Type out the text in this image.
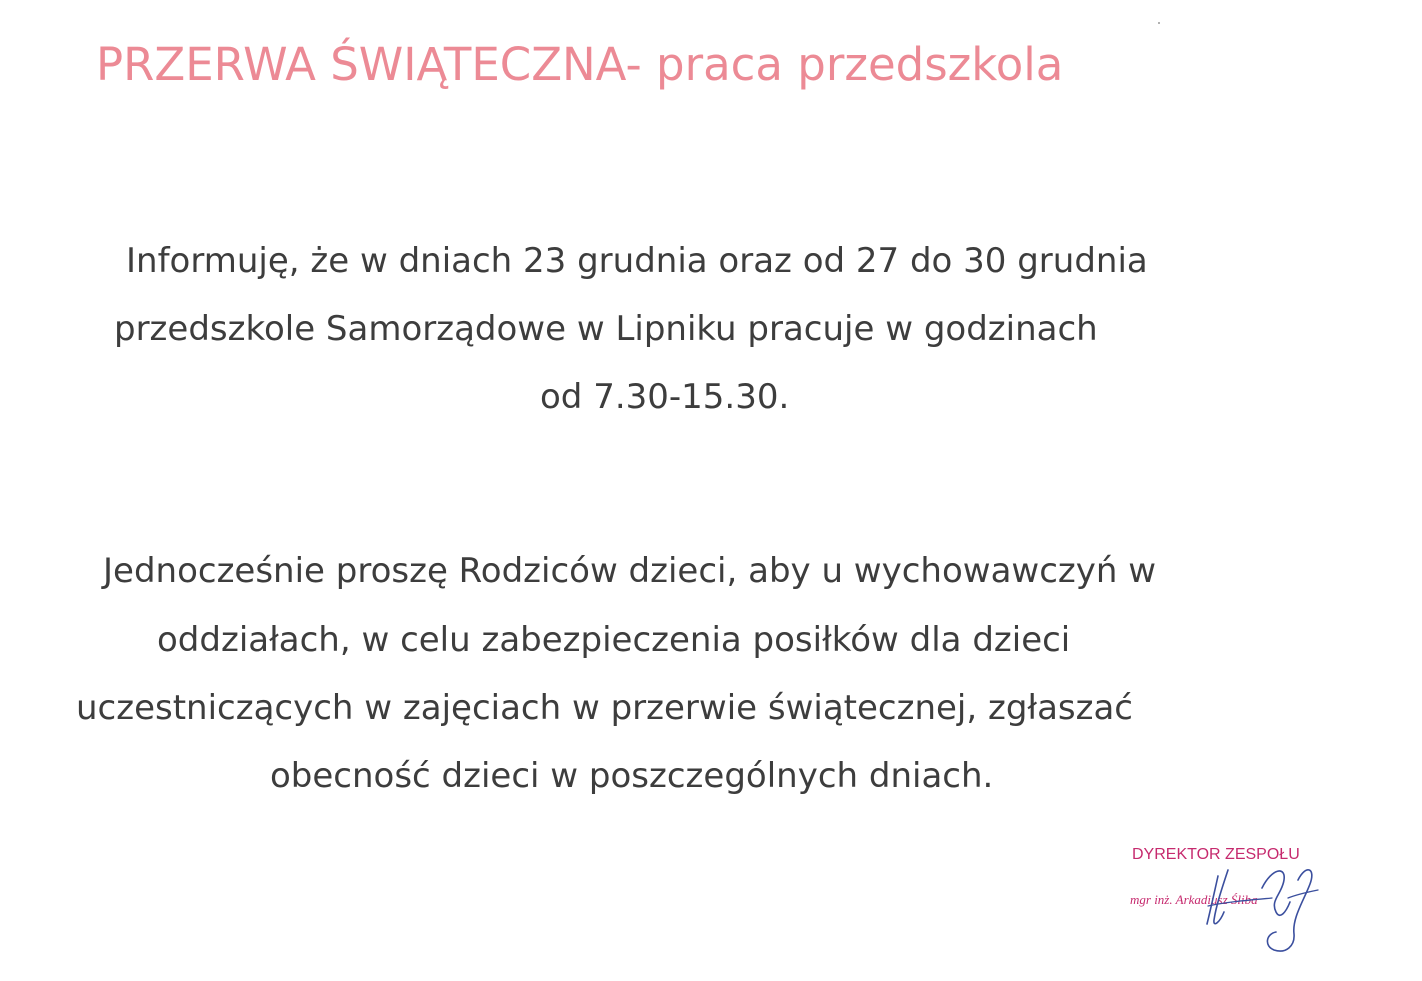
PRZERWA ŚWIĄTECZNA- praca przedszkola
Informuję, że w dniach 23 grudnia oraz od 27 do 30 grudnia
przedszkole Samorządowe w Lipniku pracuje w godzinach
od 7.30-15.30.
Jednocześnie proszę Rodziców dzieci, aby u wychowawczyń w
oddziałach, w celu zabezpieczenia posiłków dla dzieci
uczestniczących w zajęciach w przerwie świątecznej, zgłaszać
obecność dzieci w poszczególnych dniach.
DYREKTOR ZESPOŁU
mgr inż. Arkadiusz Śliba
